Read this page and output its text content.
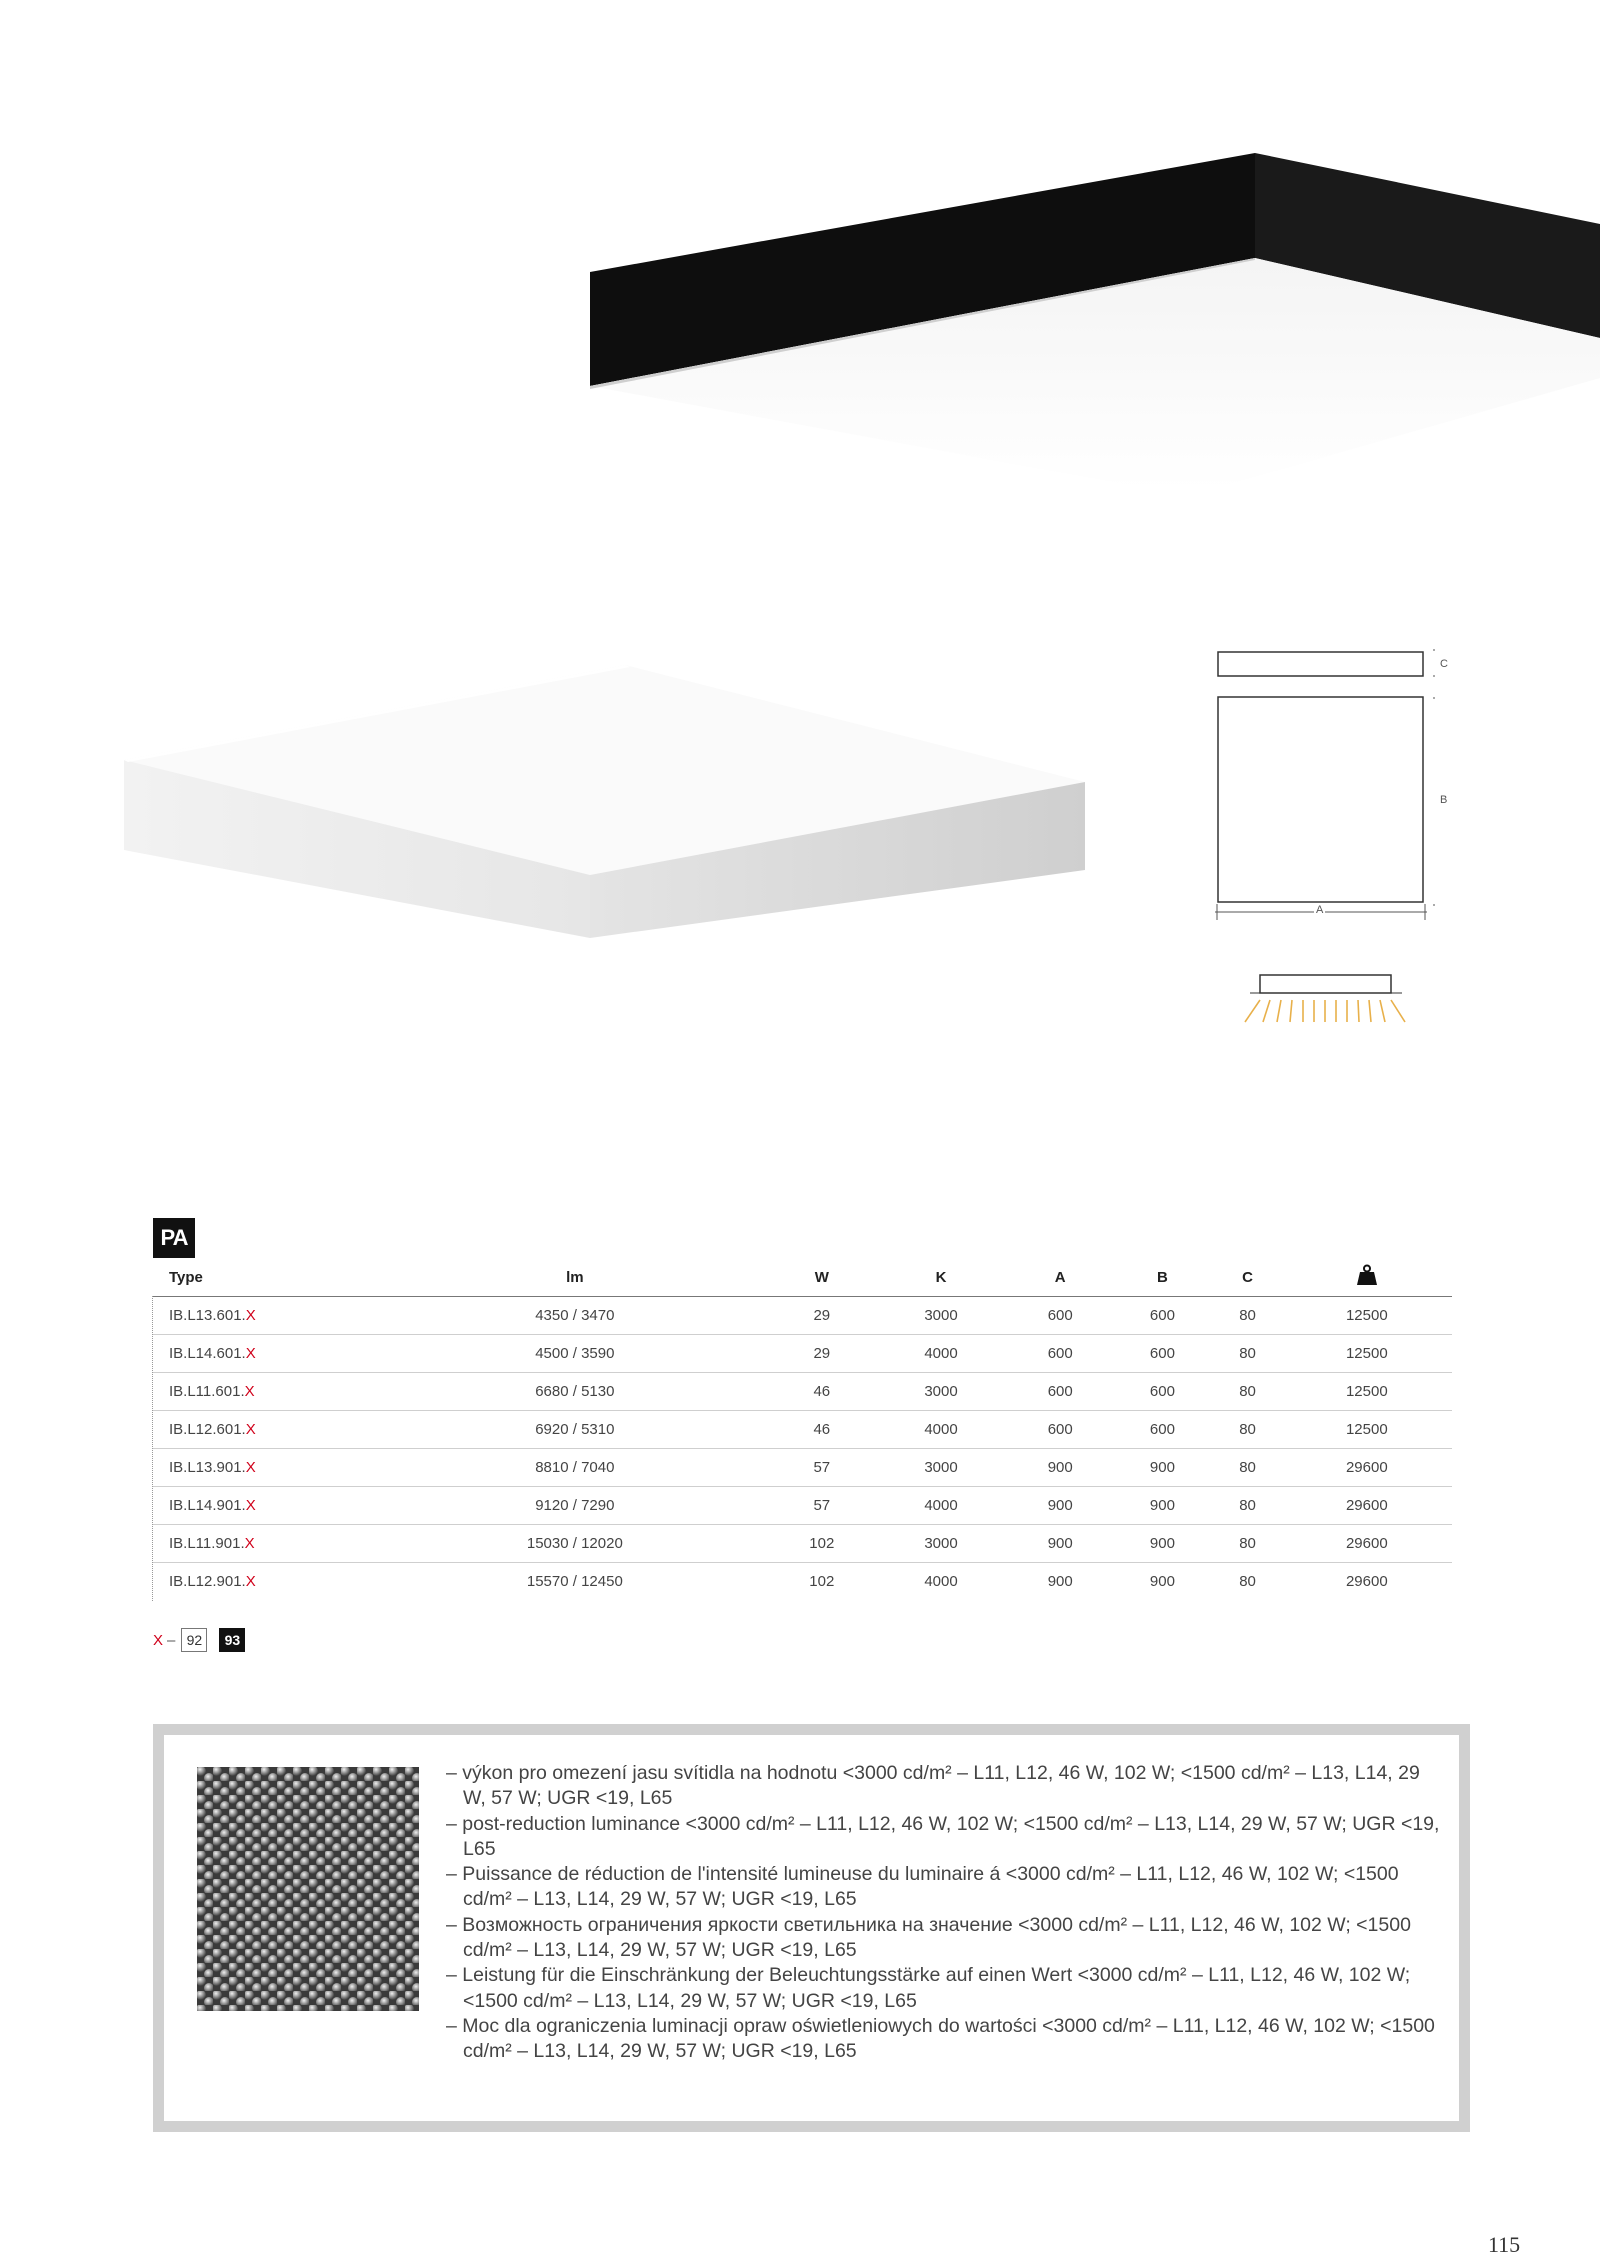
C
B
A
PA
Type	lm	W	K	A	B	C	
IB.L13.601.X	4350 / 3470	29	3000	600	600	80	12500
IB.L14.601.X	4500 / 3590	29	4000	600	600	80	12500
IB.L11.601.X	6680 / 5130	46	3000	600	600	80	12500
IB.L12.601.X	6920 / 5310	46	4000	600	600	80	12500
IB.L13.901.X	8810 / 7040	57	3000	900	900	80	29600
IB.L14.901.X	9120 / 7290	57	4000	900	900	80	29600
IB.L11.901.X	15030 / 12020	102	3000	900	900	80	29600
IB.L12.901.X	15570 / 12450	102	4000	900	900	80	29600
X – 92	93
– výkon pro omezení jasu svítidla na hodnotu <3000 cd/m² – L11, L12, 46 W, 102 W; <1500 cd/m² – L13, L14, 29 W, 57 W; UGR <19, L65
– post-reduction luminance <3000 cd/m² – L11, L12, 46 W, 102 W; <1500 cd/m² – L13, L14, 29 W, 57 W; UGR <19, L65
– Puissance de réduction de l'intensité lumineuse du luminaire á <3000 cd/m² – L11, L12, 46 W, 102 W; <1500 cd/m² – L13, L14, 29 W, 57 W; UGR <19, L65
– Возможность ограничения яркости светильника на значение <3000 cd/m² – L11, L12, 46 W, 102 W; <1500 cd/m² – L13, L14, 29 W, 57 W; UGR <19, L65
– Leistung für die Einschränkung der Beleuchtungsstärke auf einen Wert <3000 cd/m² – L11, L12, 46 W, 102 W; <1500 cd/m² – L13, L14, 29 W, 57 W; UGR <19, L65
– Moc dla ograniczenia luminacji opraw oświetleniowych do wartości <3000 cd/m² – L11, L12, 46 W, 102 W; <1500 cd/m² – L13, L14, 29 W, 57 W; UGR <19, L65
115
